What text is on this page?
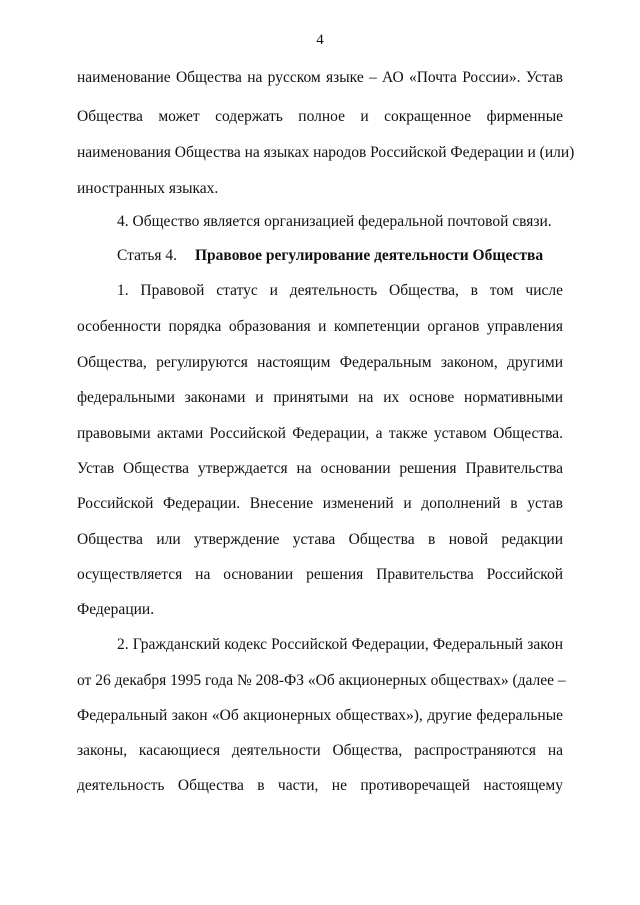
4
наименование Общества на русском языке – АО «Почта России». Устав
Общества может содержать полное и сокращенное фирменные
наименования Общества на языках народов Российской Федерации и (или)
иностранных языках.
4. Общество является организацией федеральной почтовой связи.
Статья 4. Правовое регулирование деятельности Общества
1. Правовой статус и деятельность Общества, в том числе
особенности порядка образования и компетенции органов управления
Общества, регулируются настоящим Федеральным законом, другими
федеральными законами и принятыми на их основе нормативными
правовыми актами Российской Федерации, а также уставом Общества.
Устав Общества утверждается на основании решения Правительства
Российской Федерации. Внесение изменений и дополнений в устав
Общества или утверждение устава Общества в новой редакции
осуществляется на основании решения Правительства Российской
Федерации.
2. Гражданский кодекс Российской Федерации, Федеральный закон
от 26 декабря 1995 года № 208-ФЗ «Об акционерных обществах» (далее –
Федеральный закон «Об акционерных обществах»), другие федеральные
законы, касающиеся деятельности Общества, распространяются на
деятельность Общества в части, не противоречащей настоящему
